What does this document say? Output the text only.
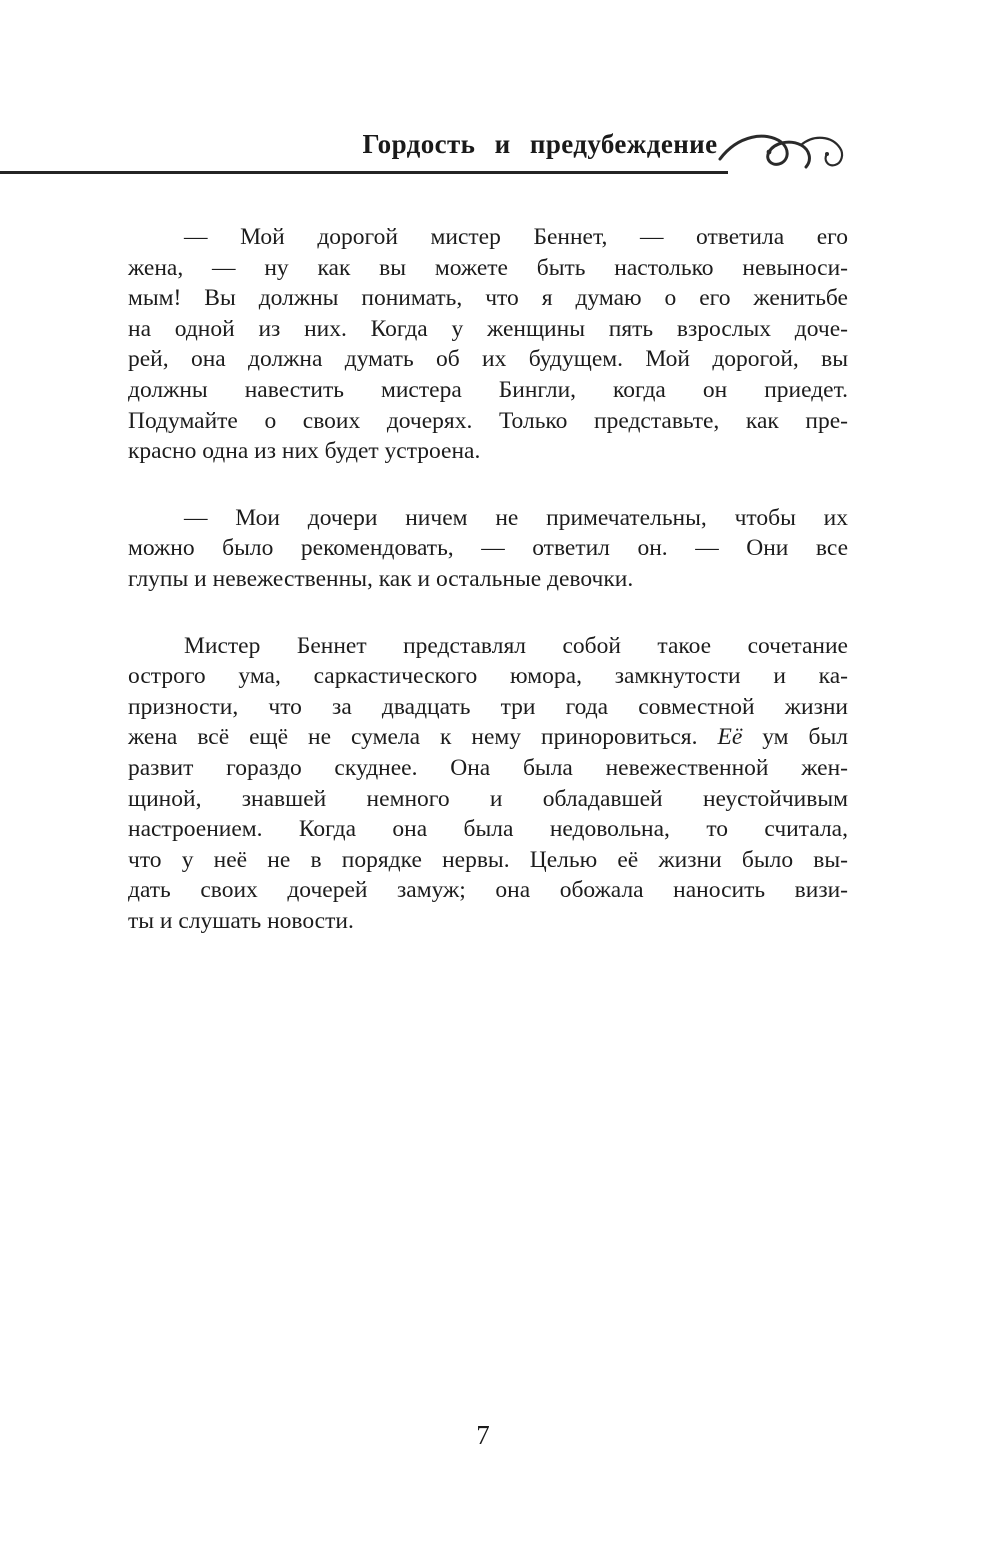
Гордость и предубеждение
— Мой дорогой мистер Беннет, — ответила его
жена, — ну как вы можете быть настолько невыноси-
мым! Вы должны понимать, что я думаю о его женитьбе
на одной из них. Когда у женщины пять взрослых доче-
рей, она должна думать об их будущем. Мой дорогой, вы
должны навестить мистера Бингли, когда он приедет.
Подумайте о своих дочерях. Только представьте, как пре-
красно одна из них будет устроена.
— Мои дочери ничем не примечательны, чтобы их
можно было рекомендовать, — ответил он. — Они все
глупы и невежественны, как и остальные девочки.
Мистер Беннет представлял собой такое сочетание
острого ума, саркастического юмора, замкнутости и ка-
призности, что за двадцать три года совместной жизни
жена всё ещё не сумела к нему приноровиться. Её ум был
развит гораздо скуднее. Она была невежественной жен-
щиной, знавшей немного и обладавшей неустойчивым
настроением. Когда она была недовольна, то считала,
что у неё не в порядке нервы. Целью её жизни было вы-
дать своих дочерей замуж; она обожала наносить визи-
ты и слушать новости.
7
